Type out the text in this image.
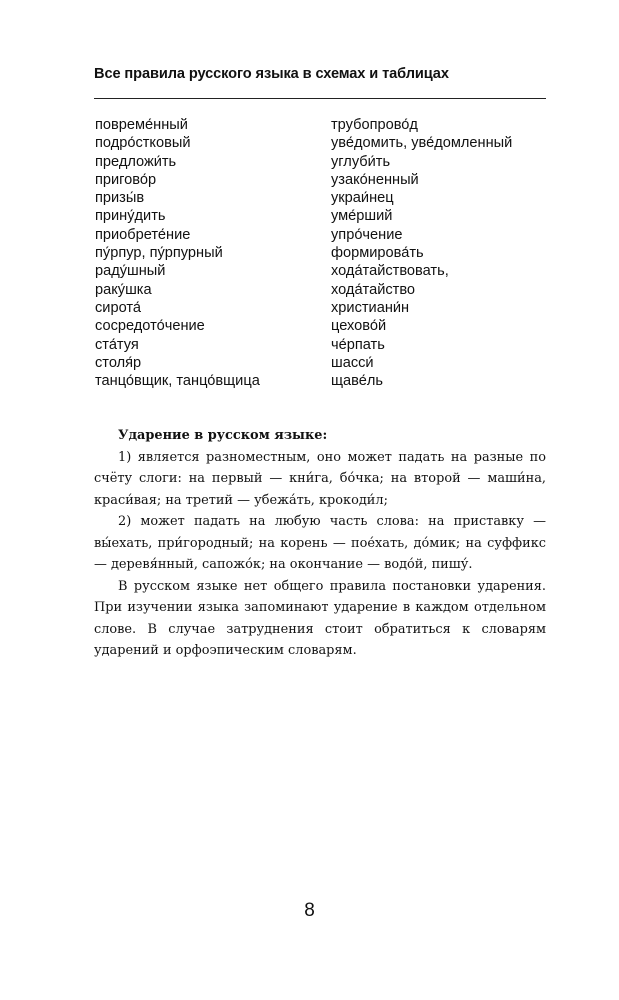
Все правила русского языка в схемах и таблицах
повреме́нный
подро́стковый
предложи́ть
пригово́р
призы́в
прину́дить
приобрете́ние
пу́рпур, пу́рпурный
раду́шный
раку́шка
сирота́
сосредото́чение
ста́туя
столя́р
танцо́вщик, танцо́вщица
трубопрово́д
уве́домить, уве́домленный
углуби́ть
узако́ненный
украи́нец
уме́рший
упро́чение
формирова́ть
хода́тайствовать,
хода́тайство
христиани́н
цехово́й
че́рпать
шасси́
щаве́ль

Ударение в русском языке:

1) является разноместным, оно может падать на разные по счёту слоги: на первый — кни́га, бо́чка; на второй — маши́на, краси́вая; на третий — убежа́ть, крокоди́л;

2) может падать на любую часть слова: на приставку — вы́ехать, при́городный; на корень — пое́хать, до́мик; на суффикс — деревя́нный, сапожо́к; на окончание — водо́й, пишу́.

В русском языке нет общего правила постановки ударения. При изучении языка запоминают ударение в каждом отдельном слове. В случае затруднения стоит обратиться к словарям ударений и орфоэпическим словарям.

8
